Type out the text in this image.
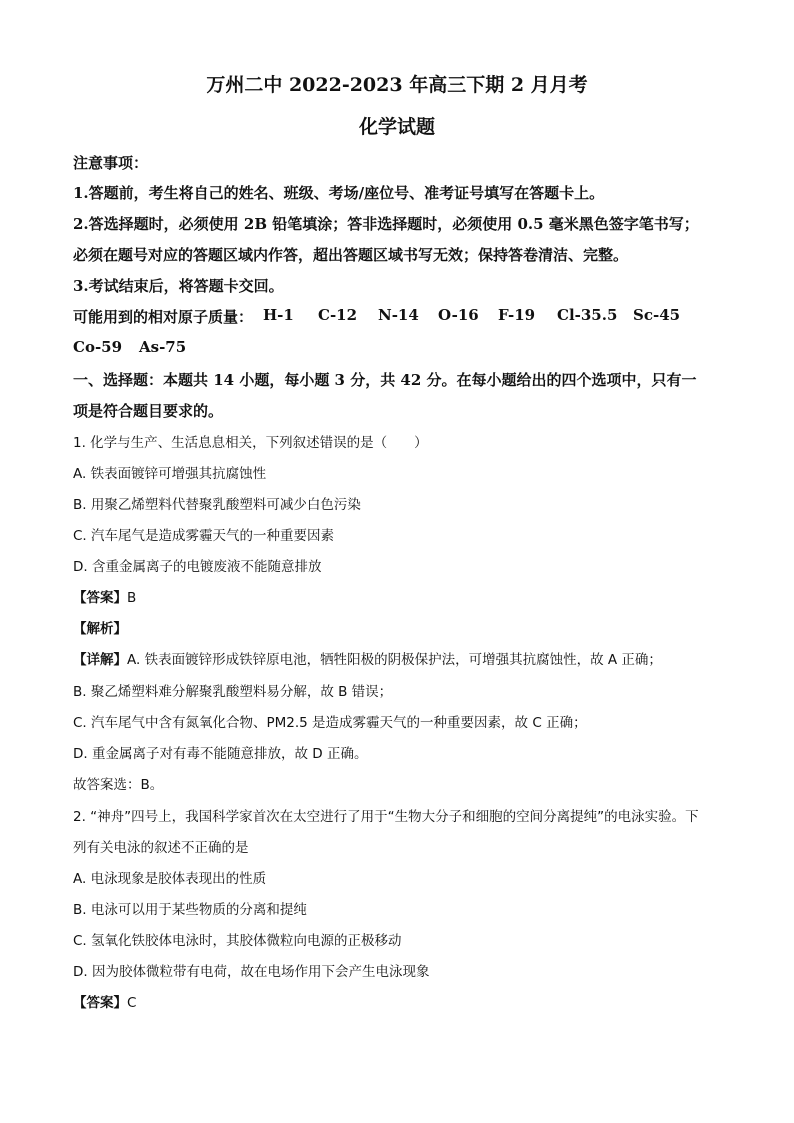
万州二中 2022-2023 年高三下期 2 月月考
化学试题
注意事项：
1.答题前，考生将自己的姓名、班级、考场/座位号、准考证号填写在答题卡上。
2.答选择题时，必须使用 2B 铅笔填涂；答非选择题时，必须使用 0.5 毫米黑色签字笔书写；
必须在题号对应的答题区域内作答，超出答题区域书写无效；保持答卷清洁、完整。
3.考试结束后，将答题卡交回。
可能用到的相对原子质量： H-1	C-12 N-14 O-16 F-19 Cl-35.5 Sc-45
Co-59 As-75
一、选择题：本题共 14 小题，每小题 3 分，共 42 分。在每小题给出的四个选项中，只有一
项是符合题目要求的。
1. 化学与生产、生活息息相关，下列叙述错误的是（　　）
A. 铁表面镀锌可增强其抗腐蚀性
B. 用聚乙烯塑料代替聚乳酸塑料可减少白色污染
C. 汽车尾气是造成雾霾天气的一种重要因素
D. 含重金属离子的电镀废液不能随意排放
【答案】B
【解析】
【详解】A. 铁表面镀锌形成铁锌原电池，牺牲阳极的阴极保护法，可增强其抗腐蚀性，故 A 正确；
B. 聚乙烯塑料难分解聚乳酸塑料易分解，故 B 错误；
C. 汽车尾气中含有氮氧化合物、PM2.5 是造成雾霾天气的一种重要因素，故 C 正确；
D. 重金属离子对有毒不能随意排放，故 D 正确。
故答案选：B。
2. “神舟”四号上，我国科学家首次在太空进行了用于“生物大分子和细胞的空间分离提纯”的电泳实验。下
列有关电泳的叙述不正确的是
A. 电泳现象是胶体表现出的性质
B. 电泳可以用于某些物质的分离和提纯
C. 氢氧化铁胶体电泳时，其胶体微粒向电源的正极移动
D. 因为胶体微粒带有电荷，故在电场作用下会产生电泳现象
【答案】C
